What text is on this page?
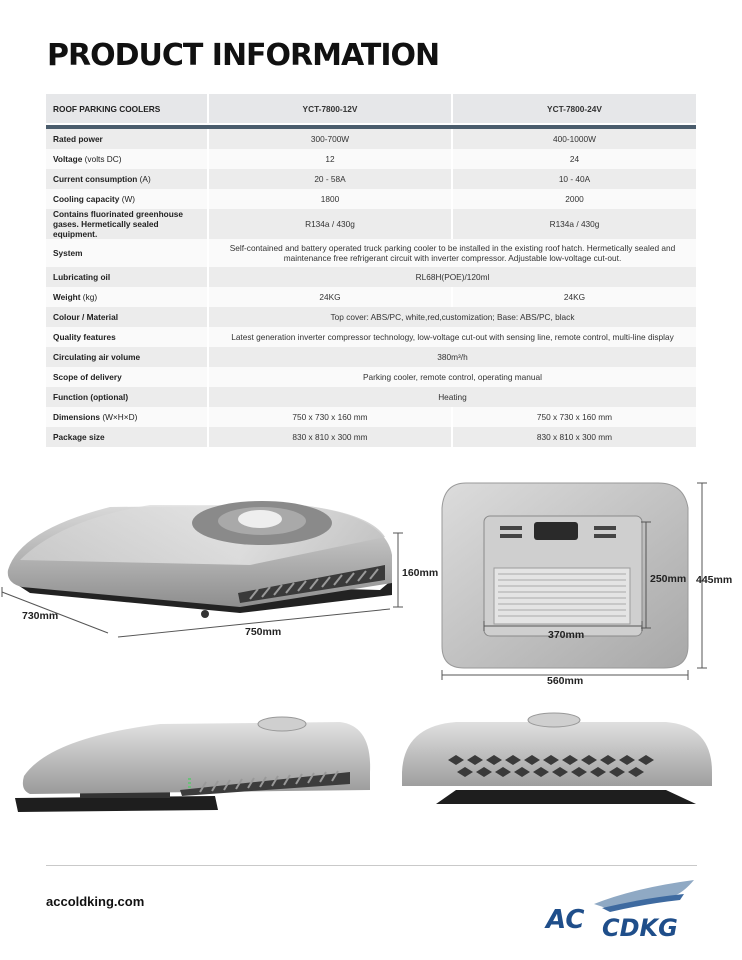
PRODUCT INFORMATION
ROOF PARKING COOLERS	YCT-7800-12V	YCT-7800-24V

Rated power	300-700W	400-1000W
Voltage (volts DC)	12	24
Current consumption (A)	20 - 58A	10 - 40A
Cooling capacity (W)	1800	2000
Contains fluorinated greenhouse gases. Hermetically sealed equipment.	R134a / 430g	R134a / 430g
System	Self-contained and battery operated truck parking cooler to be installed in the existing roof hatch. Hermetically sealed and maintenance free refrigerant circuit with inverter compressor. Adjustable low-voltage cut-out.	
Lubricating oil	RL68H(POE)/120ml	
Weight (kg)	24KG	24KG
Colour / Material	Top cover: ABS/PC, white,red,customization; Base: ABS/PC, black	
Quality features	Latest generation inverter compressor technology, low-voltage cut-out with sensing line, remote control, multi-line display	
Circulating air volume	380m³/h	
Scope of delivery	Parking cooler, remote control, operating manual	
Function (optional)	Heating	
Dimensions (W×H×D)	750 x 730 x 160 mm	750 x 730 x 160 mm
Package size	830 x 810 x 300 mm	830 x 810 x 300 mm
160mm
730mm
750mm
250mm 445mm
370mm
560mm
accoldking.com
AC CDKG
